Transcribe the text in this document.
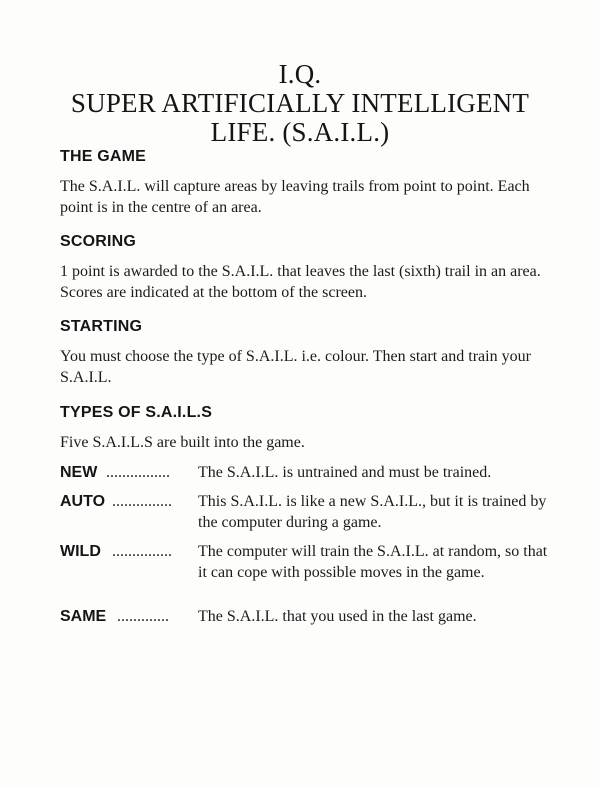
I.Q.
SUPER ARTIFICIALLY INTELLIGENT
LIFE. (S.A.I.L.)
THE GAME

The S.A.I.L. will capture areas by leaving trails from point to point. Each point is in the centre of an area.

SCORING

1 point is awarded to the S.A.I.L. that leaves the last (sixth) trail in an area. Scores are indicated at the bottom of the screen.

STARTING

You must choose the type of S.A.I.L. i.e. colour. Then start and train your S.A.I.L.

TYPES OF S.A.I.L.S

Five S.A.I.L.S are built into the game.

NEW ................ The S.A.I.L. is untrained and must be trained.
AUTO ............... This S.A.I.L. is like a new S.A.I.L., but it is trained by the computer during a game.
WILD ............... The computer will train the S.A.I.L. at random, so that it can cope with possible moves in the game.
SAME ............. The S.A.I.L. that you used in the last game.
